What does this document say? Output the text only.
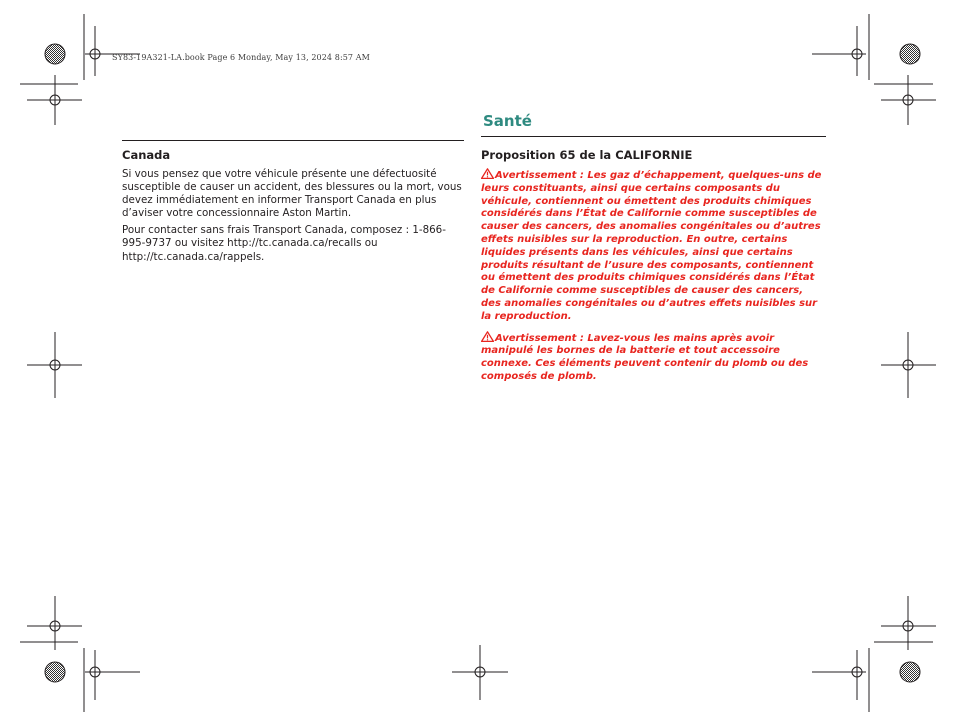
SY83-19A321-LA.book Page 6 Monday, May 13, 2024 8:57 AM
Santé
Canada

Si vous pensez que votre véhicule présente une défectuosité susceptible de causer un accident, des blessures ou la mort, vous devez immédiatement en informer Transport Canada en plus d’aviser votre concessionnaire Aston Martin.

Pour contacter sans frais Transport Canada, composez : 1-866-995-9737 ou visitez http://tc.canada.ca/recalls ou http://tc.canada.ca/rappels.

Proposition 65 de la CALIFORNIE

Avertissement : Les gaz d’échappement, quelques-uns de leurs constituants, ainsi que certains composants du véhicule, contiennent ou émettent des produits chimiques considérés dans l’État de Californie comme susceptibles de causer des cancers, des anomalies congénitales ou d’autres effets nuisibles sur la reproduction. En outre, certains liquides présents dans les véhicules, ainsi que certains produits résultant de l’usure des composants, contiennent ou émettent des produits chimiques considérés dans l’État de Californie comme susceptibles de causer des cancers, des anomalies congénitales ou d’autres effets nuisibles sur la reproduction.

Avertissement : Lavez-vous les mains après avoir manipulé les bornes de la batterie et tout accessoire connexe. Ces éléments peuvent contenir du plomb ou des composés de plomb.
